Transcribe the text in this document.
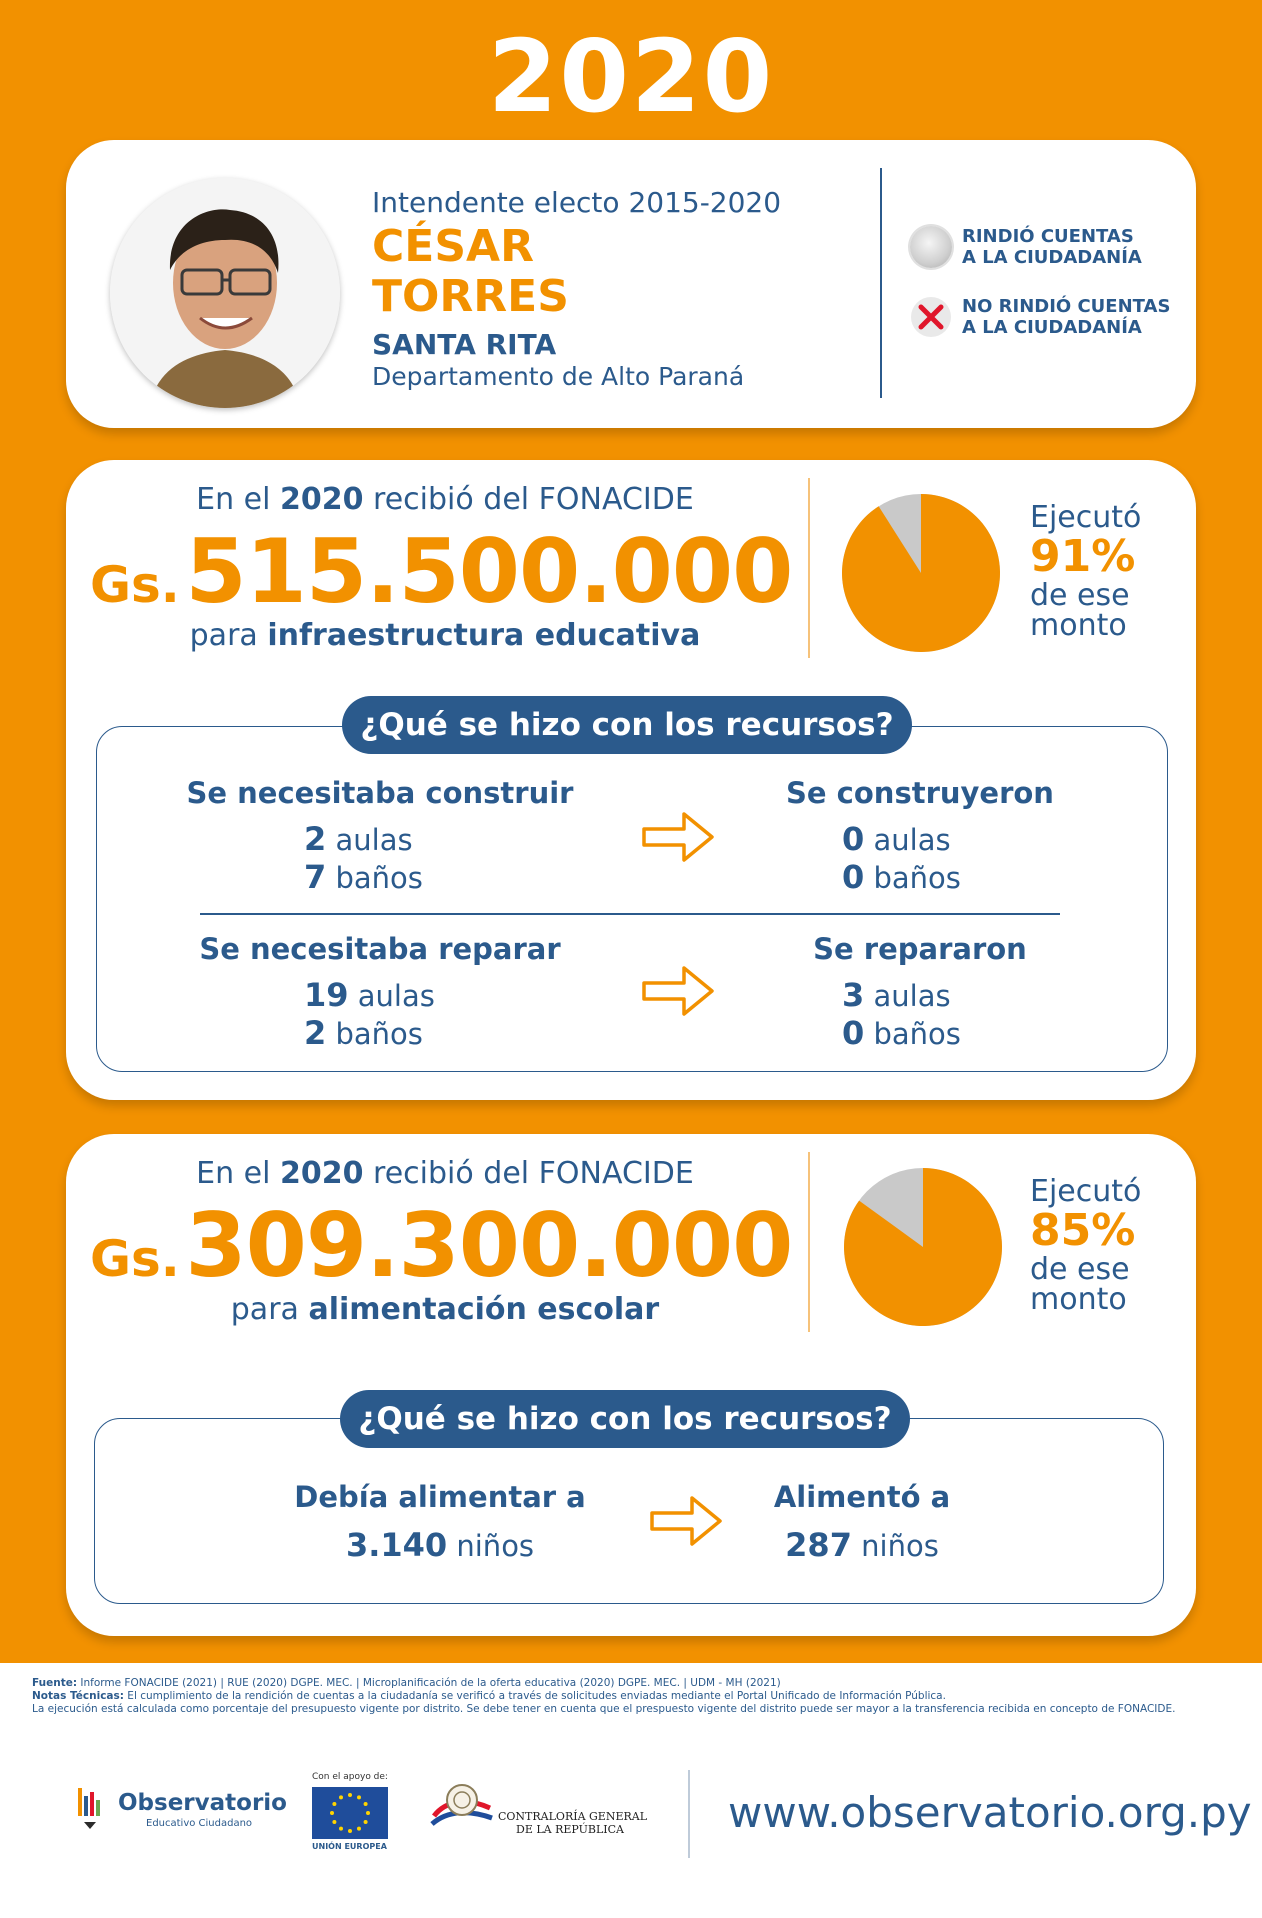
2020
Intendente electo 2015-2020
CÉSAR
TORRES
SANTA RITA
Departamento de Alto Paraná
RINDIÓ CUENTAS
A LA CIUDADANÍA
NO RINDIÓ CUENTAS
A LA CIUDADANÍA
En el 2020 recibió del FONACIDE
Gs. 515.500.000
para infraestructura educativa
Ejecutó
91%
de ese
monto
¿Qué se hizo con los recursos?
Se necesitaba construir
2 aulas
7 baños
Se construyeron
0 aulas
0 baños
Se necesitaba reparar
19 aulas
2 baños
Se repararon
3 aulas
0 baños
En el 2020 recibió del FONACIDE
Gs. 309.300.000
para alimentación escolar
Ejecutó
85%
de ese
monto
¿Qué se hizo con los recursos?
Debía alimentar a
3.140 niños
Alimentó a
287 niños
Fuente: Informe FONACIDE (2021) | RUE (2020) DGPE. MEC. | Microplanificación de la oferta educativa (2020) DGPE. MEC. | UDM - MH (2021)
Notas Técnicas: El cumplimiento de la rendición de cuentas a la ciudadanía se verificó a través de solicitudes enviadas mediante el Portal Unificado de Información Pública.
La ejecución está calculada como porcentaje del presupuesto vigente por distrito. Se debe tener en cuenta que el prespuesto vigente del distrito puede ser mayor a la transferencia recibida en concepto de FONACIDE.
Observatorio
Educativo Ciudadano
Con el apoyo de:
UNIÓN EUROPEA
CONTRALORÍA GENERAL
DE LA REPÚBLICA www.observatorio.org.py
